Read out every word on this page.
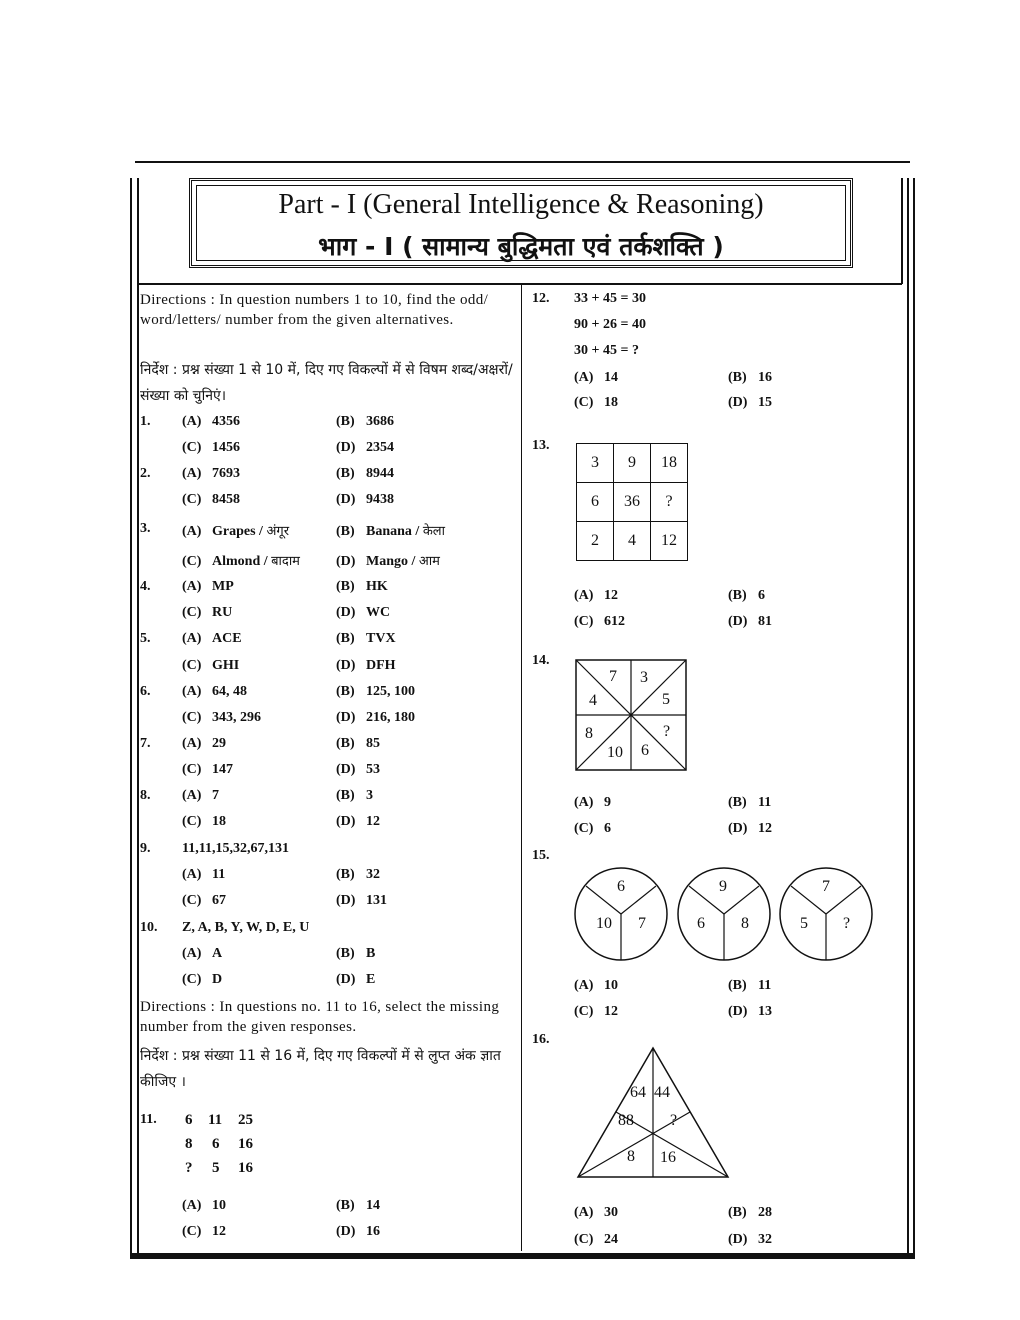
Part - I (General Intelligence & Reasoning)
भाग - I ( सामान्य बुद्धिमता एवं तर्कशक्ति )
Directions : In question numbers 1 to 10, find the odd/ word/letters/ number from the given alternatives.
निर्देश : प्रश्न संख्या 1 से 10 में, दिए गए विकल्पों में से विषम शब्द/अक्षरों/संख्या को चुनिएं।
1. (A) 4356	(B) 3686
(C) 1456	(D) 2354
2. (A) 7693	(B) 8944
(C) 8458	(D) 9438
3. (A) Grapes / अंगूर	(B) Banana / केला
(C) Almond / बादाम	(D) Mango / आम
4. (A) MP	(B) HK
(C) RU	(D) WC
5. (A) ACE	(B) TVX
(C) GHI	(D) DFH
6. (A) 64, 48	(B) 125, 100
(C) 343, 296	(D) 216, 180
7. (A) 29	(B) 85
(C) 147	(D) 53
8. (A) 7	(B) 3
(C) 18	(D) 12
9. 11,11,15,32,67,131
(A) 11	(B) 32
(C) 67	(D) 131
10. Z, A, B, Y, W, D, E, U
(A) A	(B) B
(C) D	(D) E
Directions : In questions no. 11 to 16, select the missing number from the given responses.
निर्देश : प्रश्न संख्या 11 से 16 में, दिए गए विकल्पों में से लुप्त अंक ज्ञात कीजिए ।
11. 6 11 25
8 6 16
? 5 16
(A) 10	(B) 14
(C) 12	(D) 16
12. 33 + 45 = 30
90 + 26 = 40
30 + 45 = ?
(A) 14	(B) 16
(C) 18	(D) 15
13.
3	9	18
6	36	?
2	4	12
(A) 12	(B) 6
(C) 612	(D) 81
14.
7 3
4	5
8	?
10 6
(A) 9	(B) 11
(C) 6	(D) 12
15.
6
10 7
9
6 8
7
5 ?
(A) 10	(B) 11
(C) 12	(D) 13
16.
64 44
88 ?
8 16
(A) 30	(B) 28
(C) 24	(D) 32
